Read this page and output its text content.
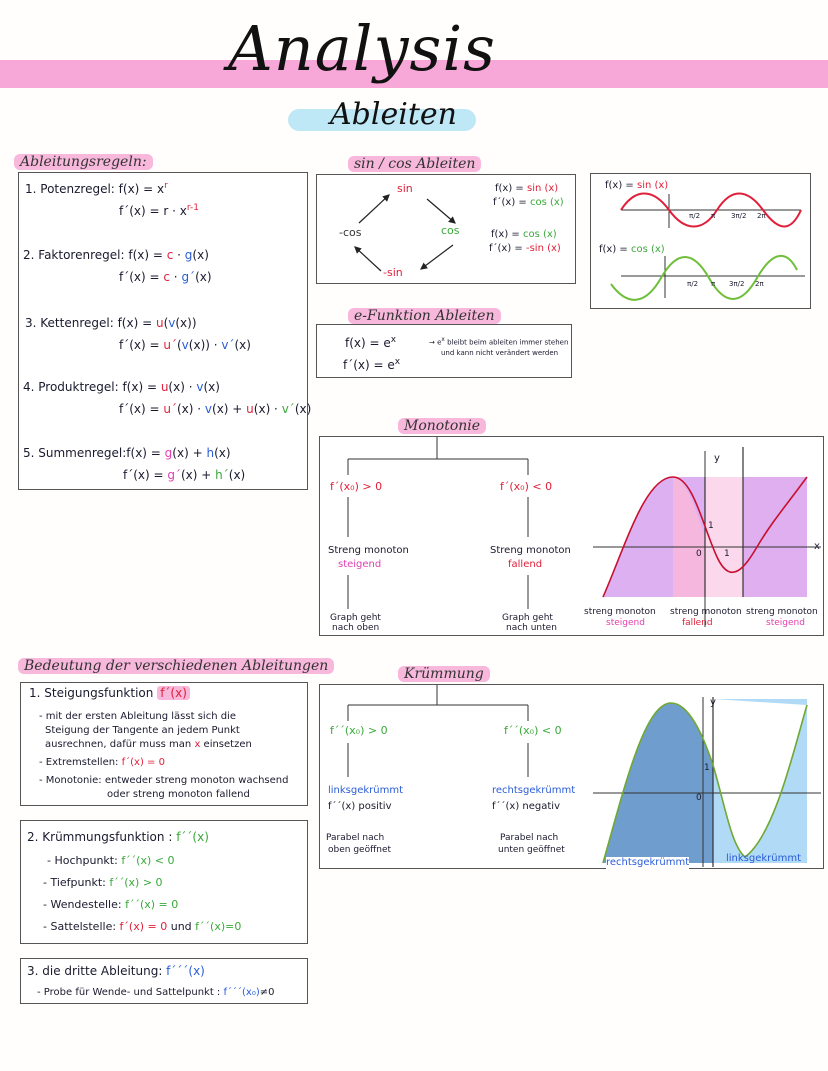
Analysis
Ableiten
Ableitungsregeln:
1. Potenzregel: $f(x) = x^r$
f´(x) = $r \cdot x^{r-1}$
2. Faktorenregel: f(x) = c · g(x)
f´(x) = c · g´(x)
3. Kettenregel: f(x) = u(v(x))
f´(x) = u´(v(x)) · v´(x)
4. Produktregel: f(x) = u(x) · v(x)
f´(x) = u´(x) · v(x) + u(x) · v´(x)
5. Summenregel:f(x) = g(x) + h(x)
f´(x) = g´(x) + h´(x)
sin / cos Ableiten
sin
cos
-sin
-cos
f(x) = sin (x)
f´(x) = cos (x)
f(x) = cos (x)
f´(x) = -sin (x)
f(x) = sin (x)
f(x) = cos (x)
π/2 π 3π/2 2π
π/2 π 3π/2 2π
e-Funktion Ableiten
$f(x) = e^x$
f´(x) = $e^x$
→ $e^x$ bleibt beim ableiten immer stehen
und kann nicht verändert werden
Monotonie
f´(x₀) > 0	f´(x₀) < 0
Streng monoton
steigend
Streng monoton
fallend
Graph geht
nach oben
Graph geht
nach unten
y
x
0 1
1
streng monoton
steigend
streng monoton
fallend
streng monoton
steigend
Bedeutung der verschiedenen Ableitungen
1. Steigungsfunktion f´(x)
- mit der ersten Ableitung lässt sich die
Steigung der Tangente an jedem Punkt
ausrechnen, dafür muss man x einsetzen
- Extremstellen: f´(x) = 0
- Monotonie: entweder streng monoton wachsend
oder streng monoton fallend
2. Krümmungsfunktion : f´´(x)
- Hochpunkt: f´´(x) < 0
- Tiefpunkt: f´´(x) > 0
- Wendestelle: f´´(x) = 0
- Sattelstelle: f´(x) = 0 und f´´(x)=0
3. die dritte Ableitung: f´´´(x)
- Probe für Wende- und Sattelpunkt : f´´´(x₀)≠0
Krümmung
f´´(x₀) > 0	f´´(x₀) < 0
linksgekrümmt
f´´(x) positiv
rechtsgekrümmt
f´´(x) negativ
Parabel nach
oben geöffnet
Parabel nach
unten geöffnet
y
0
1
rechtsgekrümmt	linksgekrümmt
